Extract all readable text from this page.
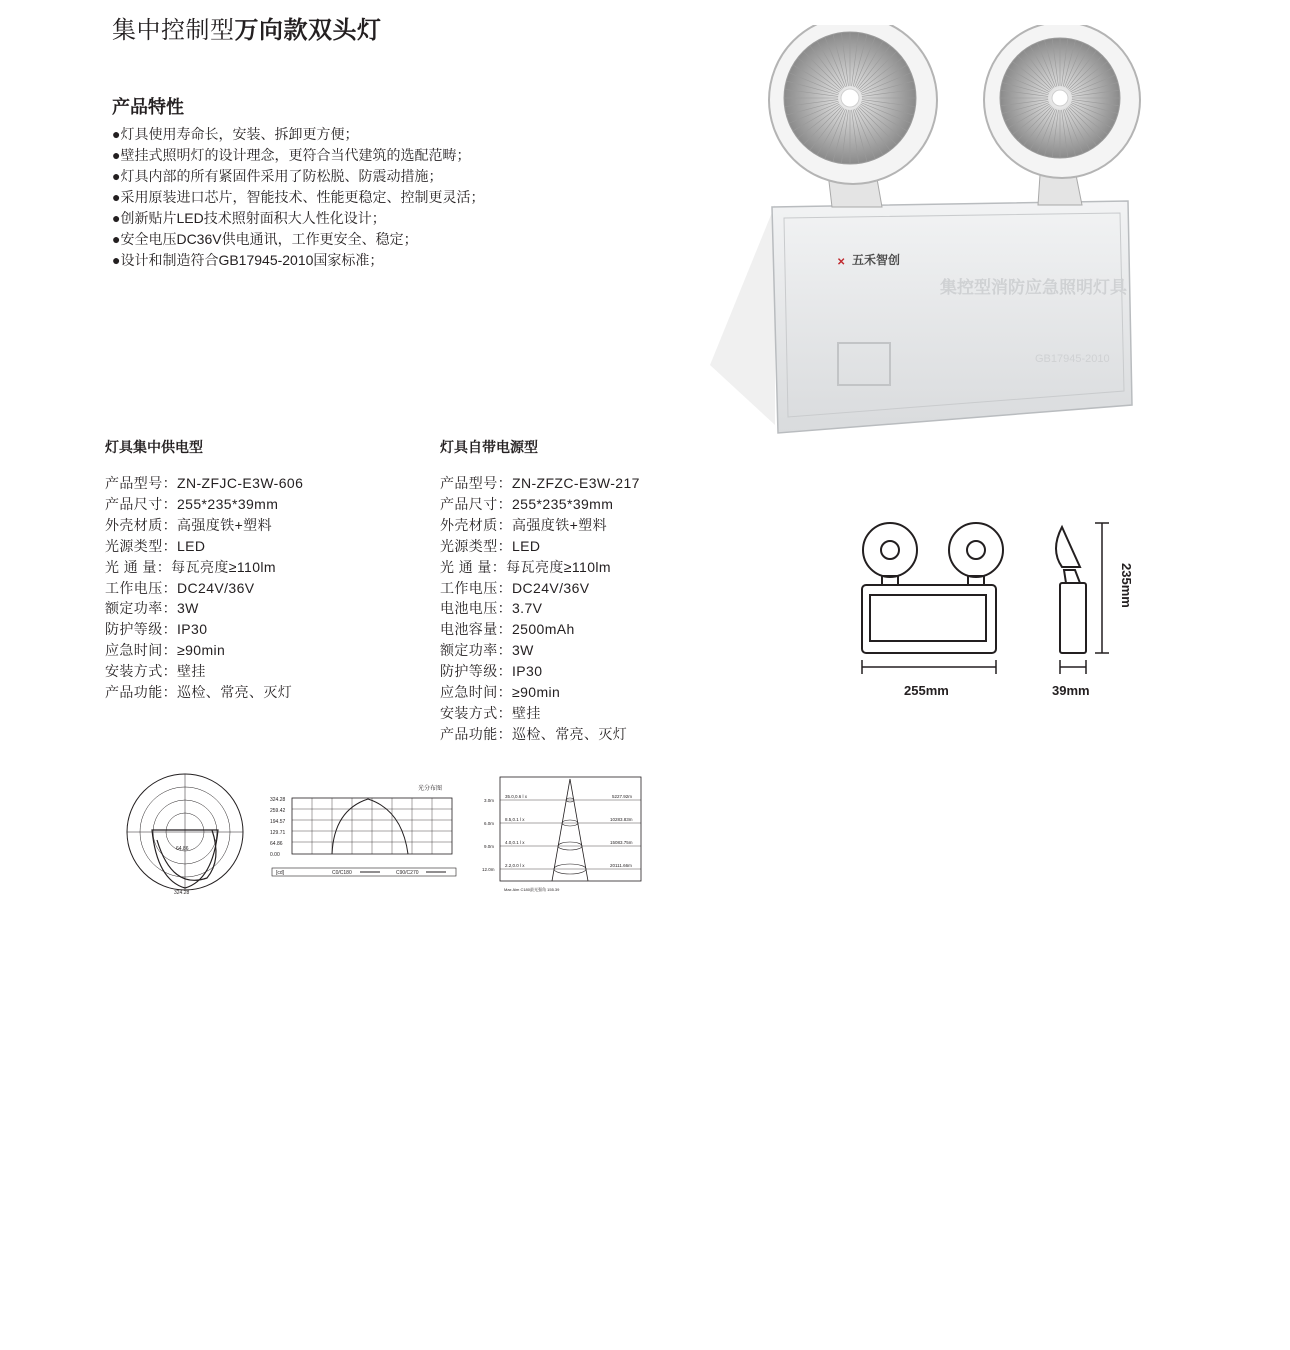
集中控制型万向款双头灯
产品特性
●灯具使用寿命长，安装、拆卸更方便；
●壁挂式照明灯的设计理念，更符合当代建筑的选配范畴；
●灯具内部的所有紧固件采用了防松脱、防震动措施；
●采用原装进口芯片，智能技术、性能更稳定、控制更灵活；
●创新贴片LED技术照射面积大人性化设计；
●安全电压DC36V供电通讯，工作更安全、稳定；
●设计和制造符合GB17945-2010国家标准；	✕ 五禾智创
集控型消防应急照明灯具
GB17945-2010
灯具集中供电型
产品型号：ZN-ZFJC-E3W-606
产品尺寸：255*235*39mm
外壳材质：高强度铁+塑料
光源类型：LED
光 通 量：每瓦亮度≥110lm
工作电压：DC24V/36V
额定功率：3W
防护等级：IP30
应急时间：≥90min
安装方式：壁挂
产品功能：巡检、常亮、灭灯
灯具自带电源型
产品型号：ZN-ZFZC-E3W-217
产品尺寸：255*235*39mm
外壳材质：高强度铁+塑料
光源类型：LED
光 通 量：每瓦亮度≥110lm
工作电压：DC24V/36V
电池电压：3.7V
电池容量：2500mAh
额定功率：3W
防护等级：IP30
应急时间：≥90min
安装方式：壁挂
产品功能：巡检、常亮、灭灯
255mm	39mm
235mm
64.86
324.28
光分布图
324.28
259.42
194.57
129.71
64.86
0.00
[cd]	C0/C180	C90/C270
3.0m
6.0m
9.0m
12.0m
35.0,0.6 l x
8.5,0.1 l x
4.0,0.1 l x
2.2,0.0 l x
5227.92m
10283.83m
15083.75m
20111.66m
Max Aim C180最光强角 155.39
